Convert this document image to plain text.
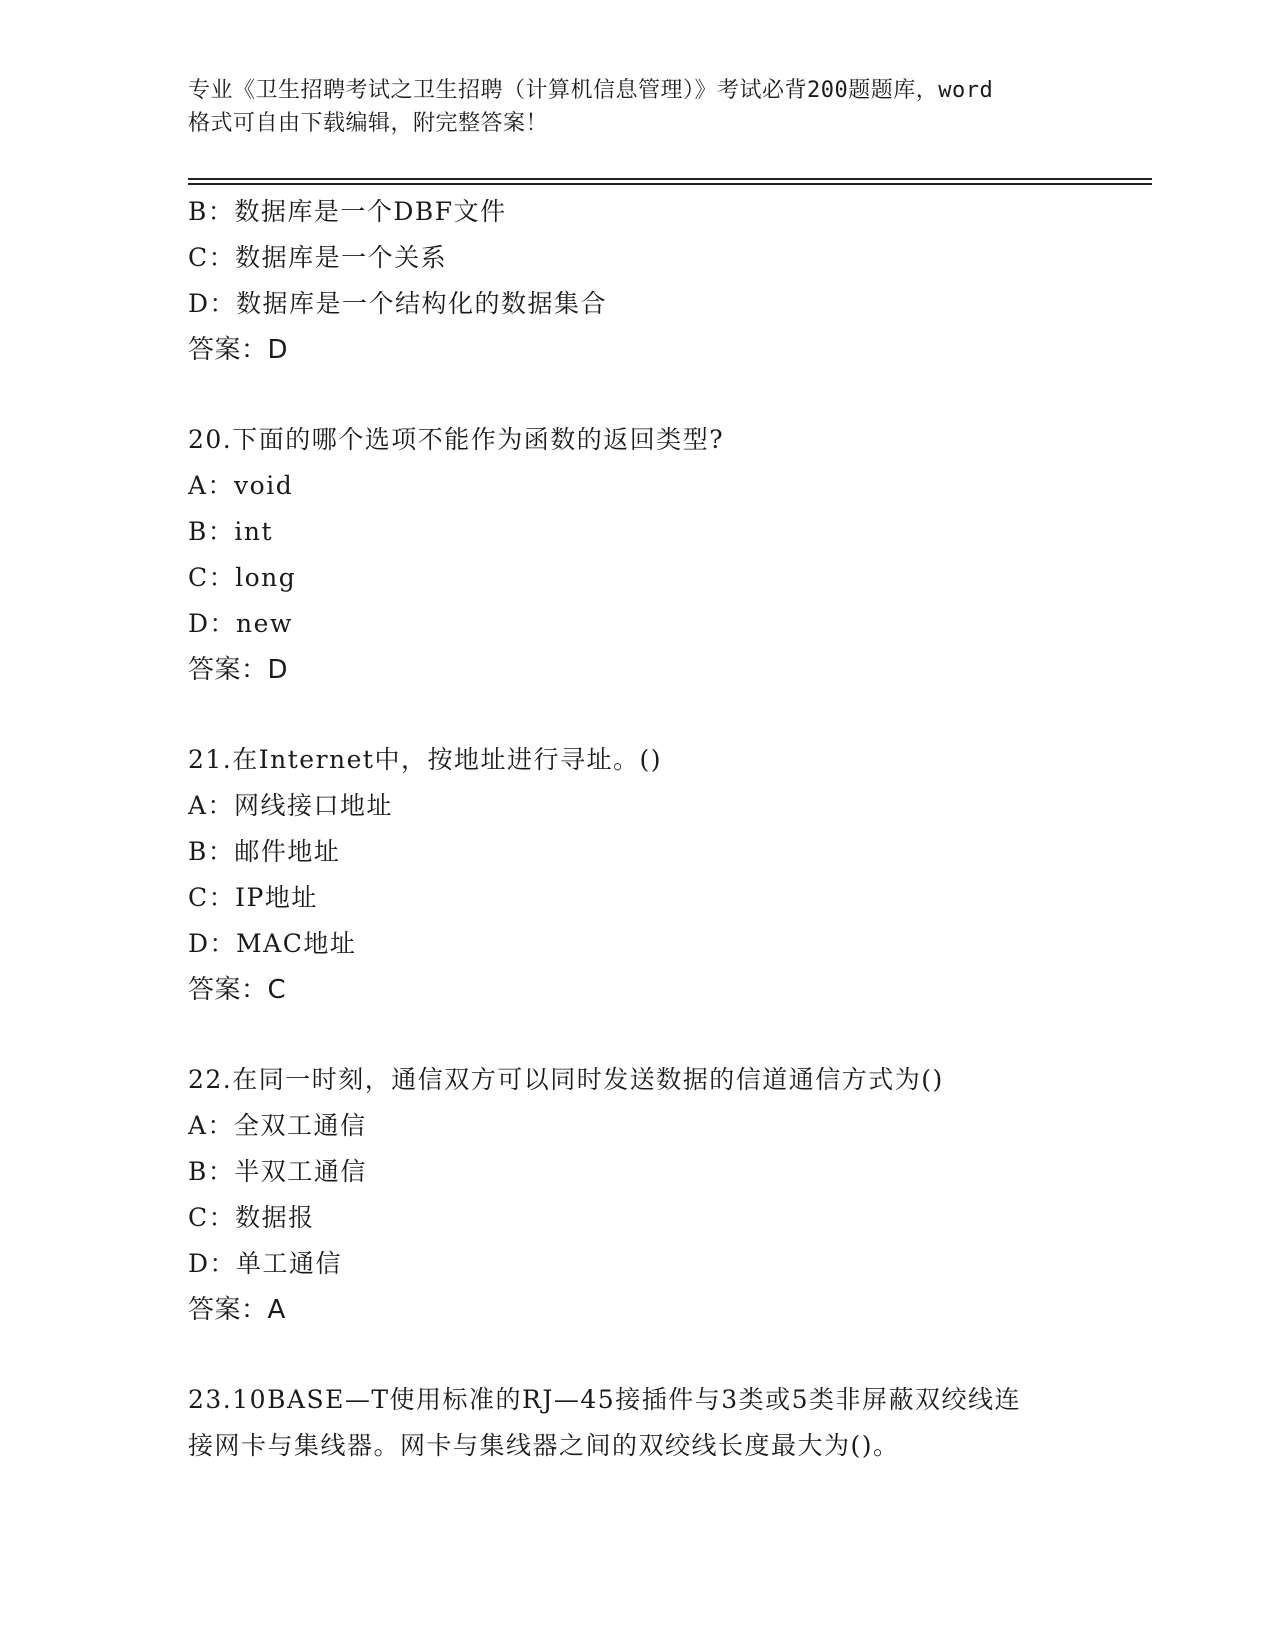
专业《卫生招聘考试之卫生招聘（计算机信息管理）》考试必背200题题库，word
格式可自由下载编辑，附完整答案！
B：数据库是一个DBF文件
C：数据库是一个关系
D：数据库是一个结构化的数据集合
答案：D
20.下面的哪个选项不能作为函数的返回类型?
A：void
B：int
C：long
D：new
答案：D
21.在Internet中，按地址进行寻址。()
A：网线接口地址
B：邮件地址
C：IP地址
D：MAC地址
答案：C
22.在同一时刻，通信双方可以同时发送数据的信道通信方式为()
A：全双工通信
B：半双工通信
C：数据报
D：单工通信
答案：A
23.10BASE—T使用标准的RJ—45接插件与3类或5类非屏蔽双绞线连
接网卡与集线器。网卡与集线器之间的双绞线长度最大为()。
